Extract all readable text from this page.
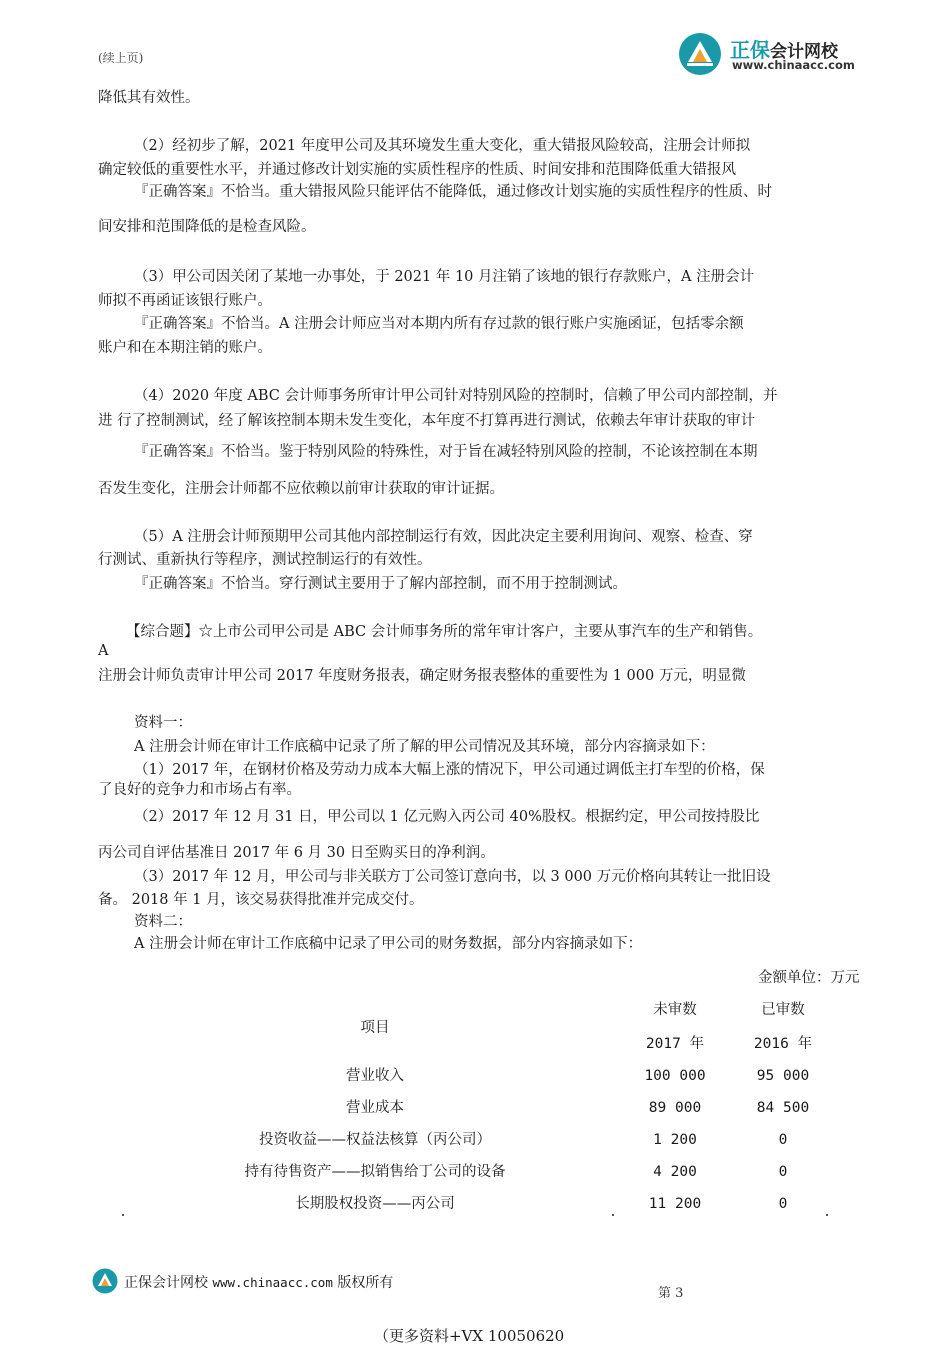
正保会计网校
www.chinaacc.com
(续上页)
降低其有效性。
（2）经初步了解，2021 年度甲公司及其环境发生重大变化，重大错报风险较高，注册会计师拟
确定较低的重要性水平，并通过修改计划实施的实质性程序的性质、时间安排和范围降低重大错报风
『正确答案』不恰当。重大错报风险只能评估不能降低，通过修改计划实施的实质性程序的性质、时
间安排和范围降低的是检查风险。
（3）甲公司因关闭了某地一办事处，于 2021 年 10 月注销了该地的银行存款账户，A 注册会计
师拟不再函证该银行账户。
『正确答案』不恰当。A 注册会计师应当对本期内所有存过款的银行账户实施函证，包括零余额
账户和在本期注销的账户。
（4）2020 年度 ABC 会计师事务所审计甲公司针对特别风险的控制时，信赖了甲公司内部控制，并
进 行了控制测试，经了解该控制本期未发生变化，本年度不打算再进行测试，依赖去年审计获取的审计
『正确答案』不恰当。鉴于特别风险的特殊性，对于旨在减轻特别风险的控制，不论该控制在本期
否发生变化，注册会计师都不应依赖以前审计获取的审计证据。
（5）A 注册会计师预期甲公司其他内部控制运行有效，因此决定主要利用询问、观察、检查、穿
行测试、重新执行等程序，测试控制运行的有效性。
『正确答案』不恰当。穿行测试主要用于了解内部控制，而不用于控制测试。
【综合题】☆上市公司甲公司是 ABC 会计师事务所的常年审计客户，主要从事汽车的生产和销售。
A
注册会计师负责审计甲公司 2017 年度财务报表，确定财务报表整体的重要性为 1 000 万元，明显微
资料一：
A 注册会计师在审计工作底稿中记录了所了解的甲公司情况及其环境，部分内容摘录如下：
（1）2017 年，在钢材价格及劳动力成本大幅上涨的情况下，甲公司通过调低主打车型的价格，保
了良好的竞争力和市场占有率。
（2）2017 年 12 月 31 日，甲公司以 1 亿元购入丙公司 40%股权。根据约定，甲公司按持股比
丙公司自评估基准日 2017 年 6 月 30 日至购买日的净利润。
（3）2017 年 12 月，甲公司与非关联方丁公司签订意向书，以 3 000 万元价格向其转让一批旧设
备。 2018 年 1 月，该交易获得批准并完成交付。
资料二：
A 注册会计师在审计工作底稿中记录了甲公司的财务数据，部分内容摘录如下：
金额单位：万元
项目
未审数	已审数
2017 年	2016 年
营业收入	100 000	95 000
营业成本	89 000	84 500
投资收益——权益法核算（丙公司）	1 200	0
持有待售资产——拟销售给丁公司的设备	4 200	0
长期股权投资——丙公司	11 200	0
正保会计网校 www.chinaacc.com 版权所有
第 3
（更多资料+VX 10050620
